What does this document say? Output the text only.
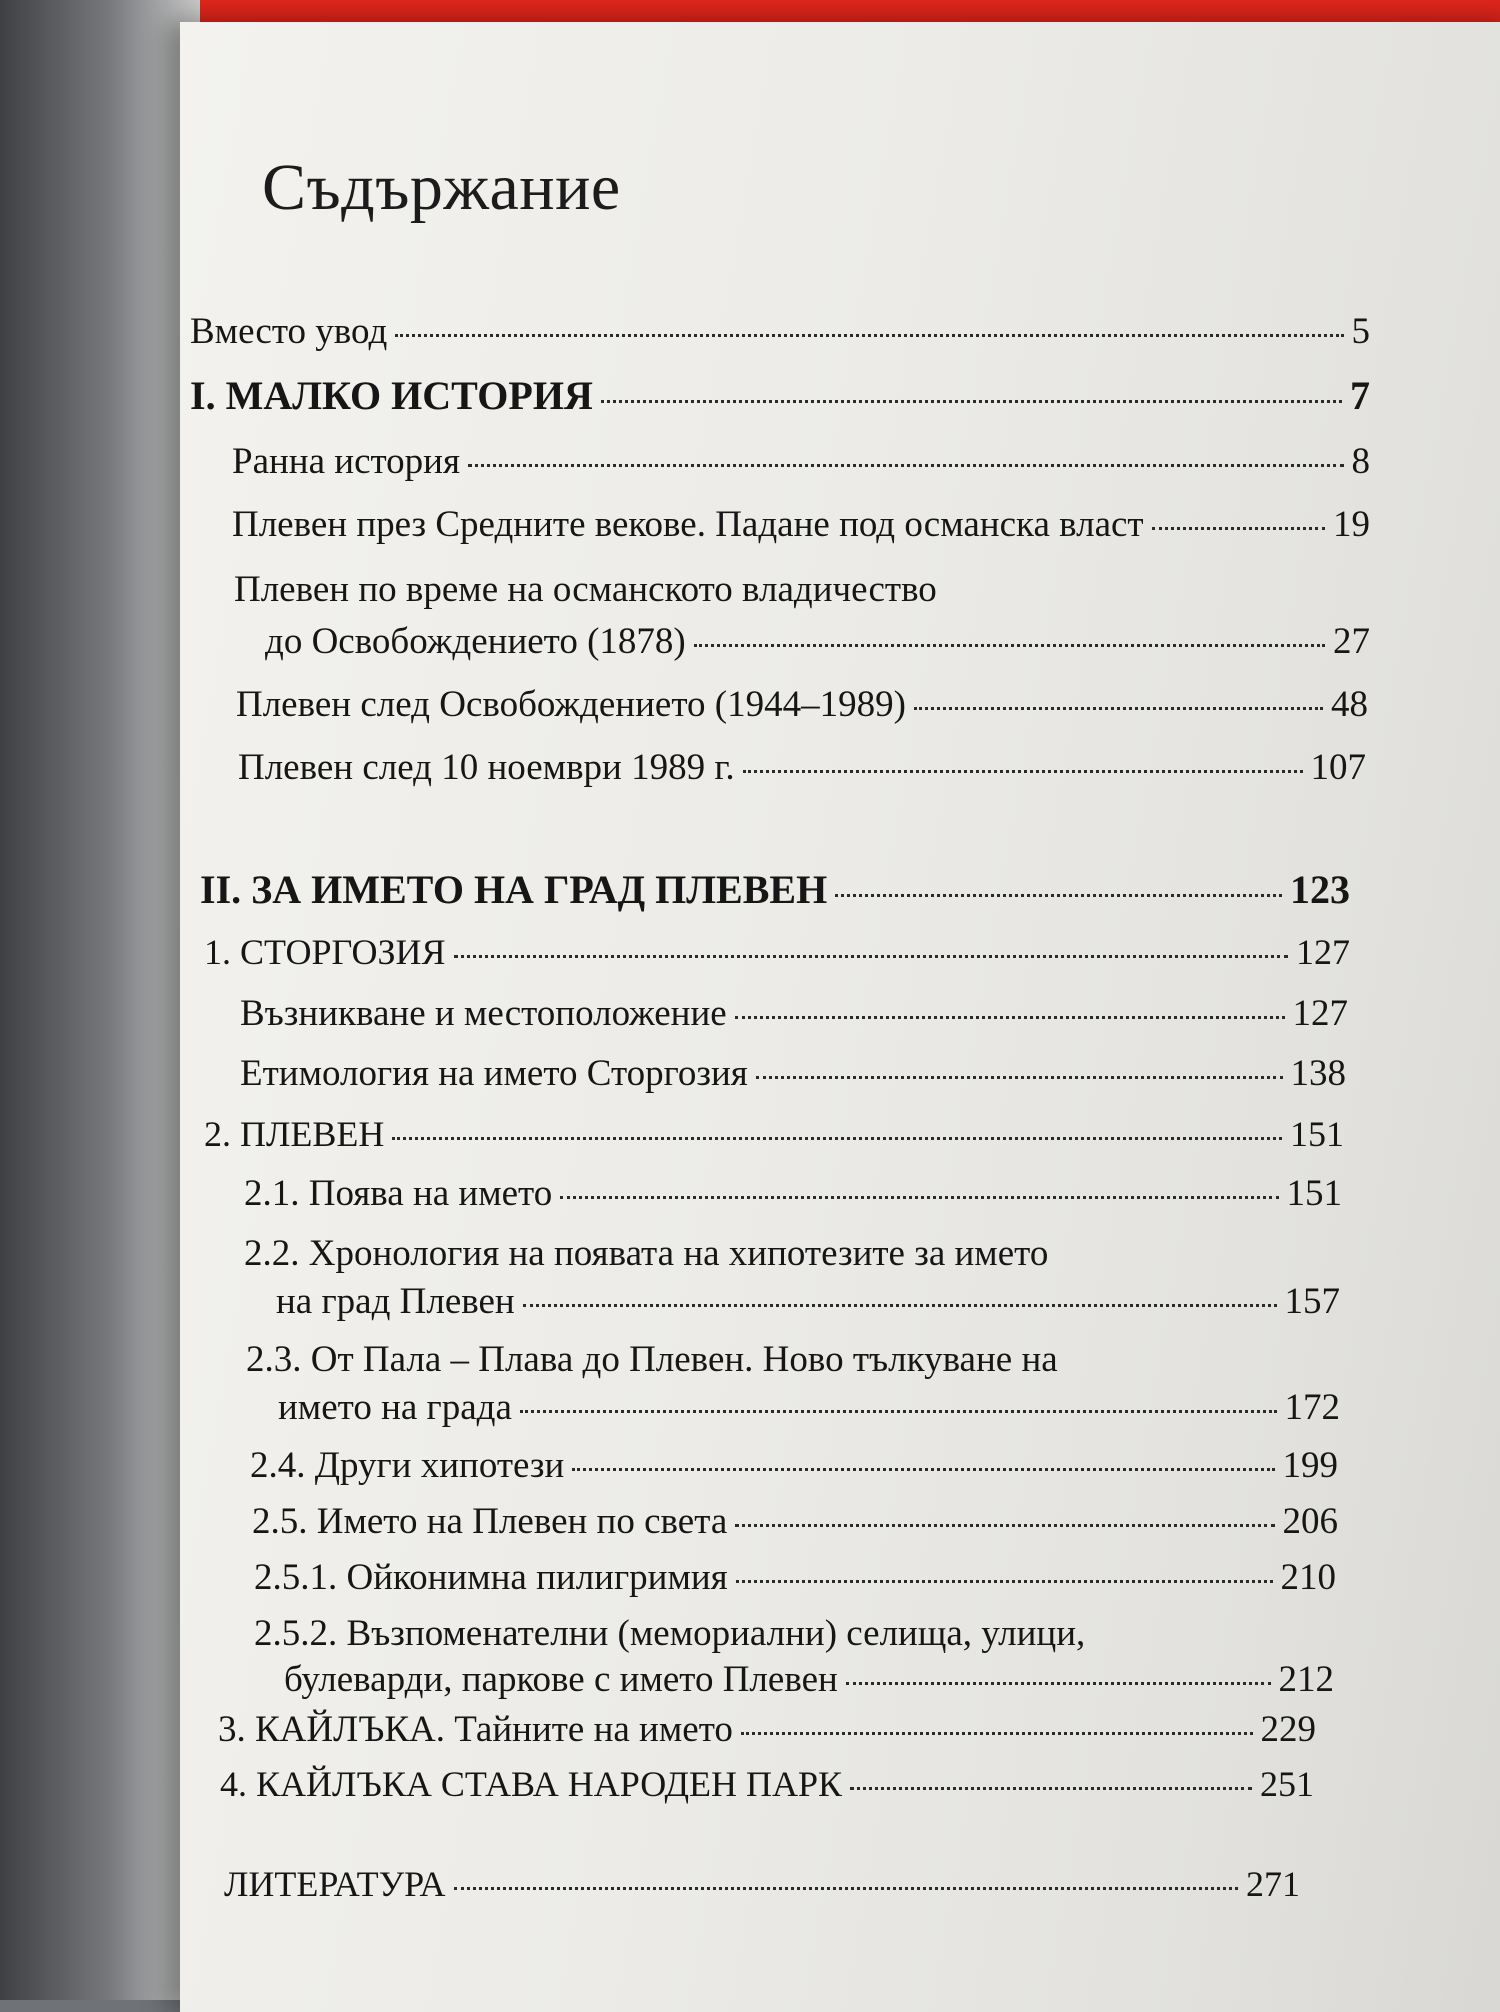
Съдържание
Вместо увод	5
I. МАЛКО ИСТОРИЯ	7
Ранна история	8
Плевен през Средните векове. Падане под османска власт	19
Плевен по време на османското владичество
до Освобождението (1878)	27
Плевен след Освобождението (1944–1989)	48
Плевен след 10 ноември 1989 г.	107
II. ЗА ИМЕТО НА ГРАД ПЛЕВЕН	123
1. СТОРГОЗИЯ	127
Възникване и местоположение	127
Етимология на името Сторгозия	138
2. ПЛЕВЕН	151
2.1. Поява на името	151
2.2. Хронология на появата на хипотезите за името
на град Плевен	157
2.3. От Пала – Плава до Плевен. Ново тълкуване на
името на града	172
2.4. Други хипотези	199
2.5. Името на Плевен по света	206
2.5.1. Ойконимна пилигримия	210
2.5.2. Възпоменателни (мемориални) селища, улици,
булеварди, паркове с името Плевен	212
3. КАЙЛЪКА. Тайните на името	229
4. КАЙЛЪКА СТАВА НАРОДЕН ПАРК	251
ЛИТЕРАТУРА	271
